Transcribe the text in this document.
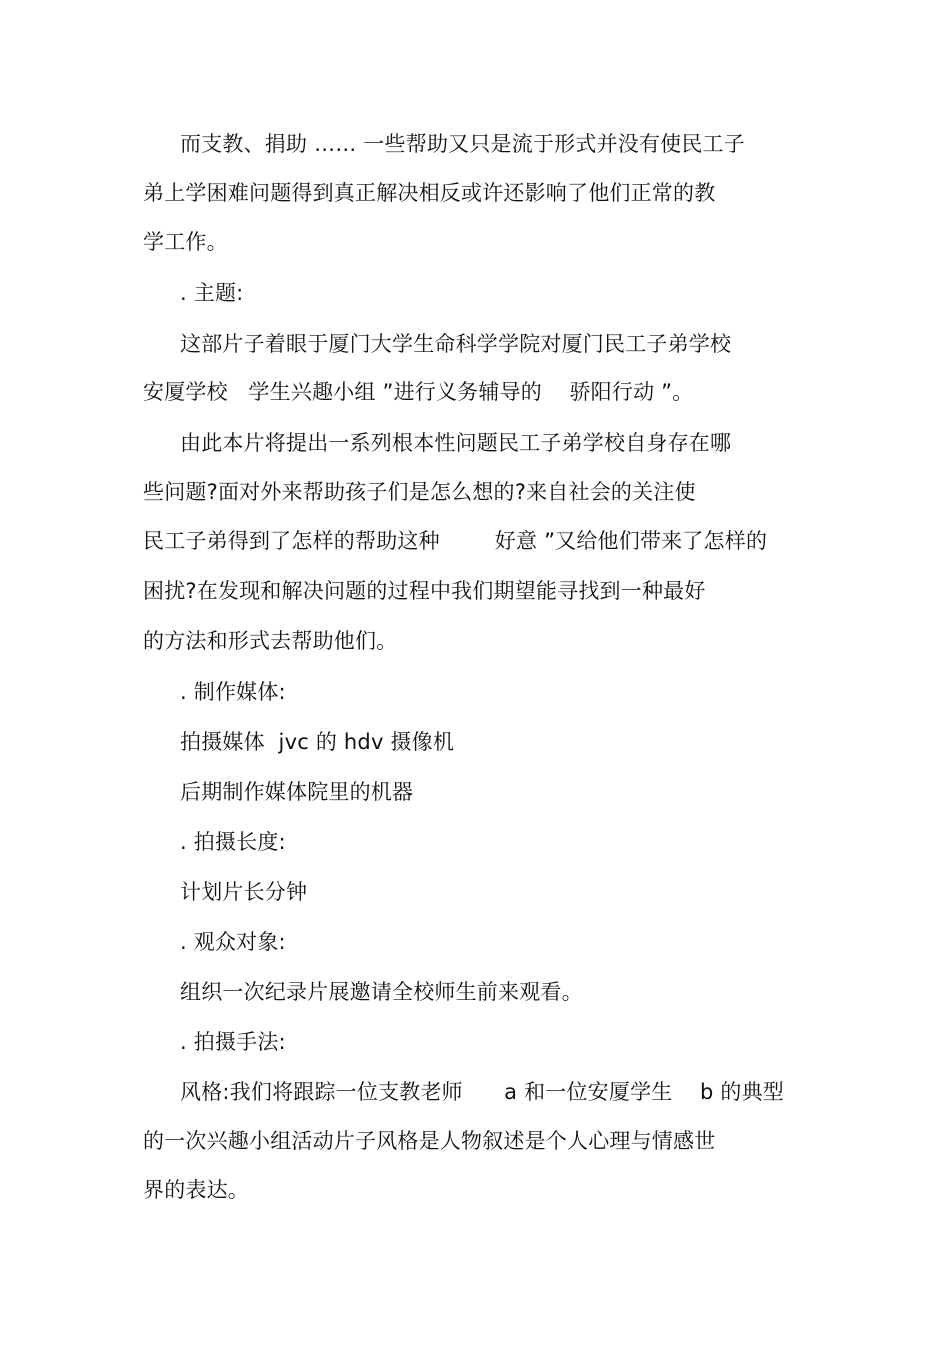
而支教、捐助 …… 一些帮助又只是流于形式并没有使民工子

弟上学困难问题得到真正解决相反或许还影响了他们正常的教

学工作。

. 主题:

这部片子着眼于厦门大学生命科学学院对厦门民工子弟学校

安厦学校   学生兴趣小组 ”进行义务辅导的    骄阳行动 ”。

由此本片将提出一系列根本性问题民工子弟学校自身存在哪

些问题?面对外来帮助孩子们是怎么想的?来自社会的关注使

民工子弟得到了怎样的帮助这种        好意 ”又给他们带来了怎样的

困扰?在发现和解决问题的过程中我们期望能寻找到一种最好

的方法和形式去帮助他们。

. 制作媒体:

拍摄媒体  jvc 的 hdv 摄像机

后期制作媒体院里的机器

. 拍摄长度:

计划片长分钟

. 观众对象:

组织一次纪录片展邀请全校师生前来观看。

. 拍摄手法:

风格:我们将跟踪一位支教老师      a 和一位安厦学生    b 的典型

的一次兴趣小组活动片子风格是人物叙述是个人心理与情感世

界的表达。
